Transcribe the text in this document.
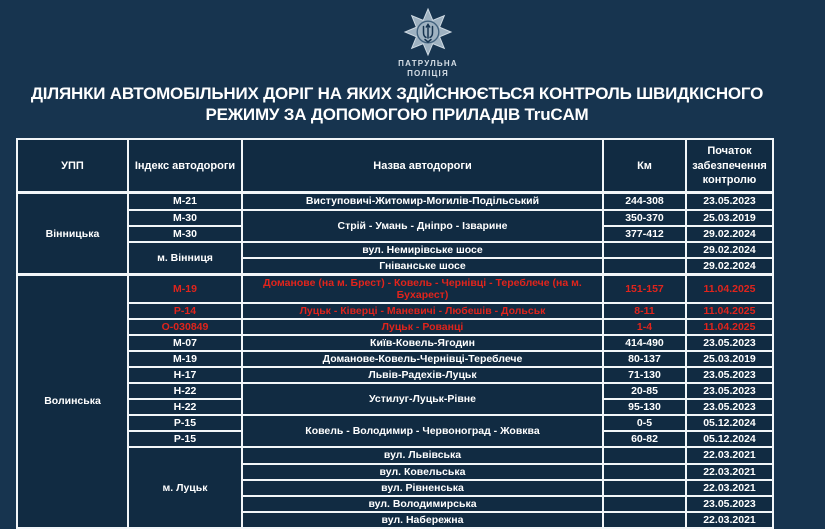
ПАТРУЛЬНА
ПОЛІЦІЯ
ДІЛЯНКИ АВТОМОБІЛЬНИХ ДОРІГ НА ЯКИХ ЗДІЙСНЮЄТЬСЯ КОНТРОЛЬ ШВИДКІСНОГО
РЕЖИМУ ЗА ДОПОМОГОЮ ПРИЛАДІВ TruCAM
УПП	Індекс автодороги	Назва автодороги	Км	Початок забезпечення контролю
Вінницька	М-21	Виступовичі-Житомир-Могилів-Подільський	244-308	23.05.2023
	М-30	Стрій - Умань - Дніпро - Ізварине	350-370	25.03.2019
	М-30		377-412	29.02.2024
	м. Вінниця	вул. Немирівське шосе		29.02.2024
		Гніванське шосе		29.02.2024
Волинська	М-19	Доманове (на м. Брест) - Ковель - Чернівці - Тереблече (на м. Бухарест)	151-157	11.04.2025
	Р-14	Луцьк - Ківерці - Маневичі - Любешів - Дольськ	8-11	11.04.2025
	О-030849	Луцьк - Рованці	1-4	11.04.2025
	М-07	Київ-Ковель-Ягодин	414-490	23.05.2023
	М-19	Доманове-Ковель-Чернівці-Тереблече	80-137	25.03.2019
	Н-17	Львів-Радехів-Луцьк	71-130	23.05.2023
	Н-22	Устилуг-Луцьк-Рівне	20-85	23.05.2023
	Н-22		95-130	23.05.2023
	Р-15	Ковель - Володимир - Червоноград - Жовква	0-5	05.12.2024
	Р-15		60-82	05.12.2024
	м. Луцьк	вул. Львівська		22.03.2021
		вул. Ковельська		22.03.2021
		вул. Рівненська		22.03.2021
		вул. Володимирська		23.05.2023
		вул. Набережна		22.03.2021
